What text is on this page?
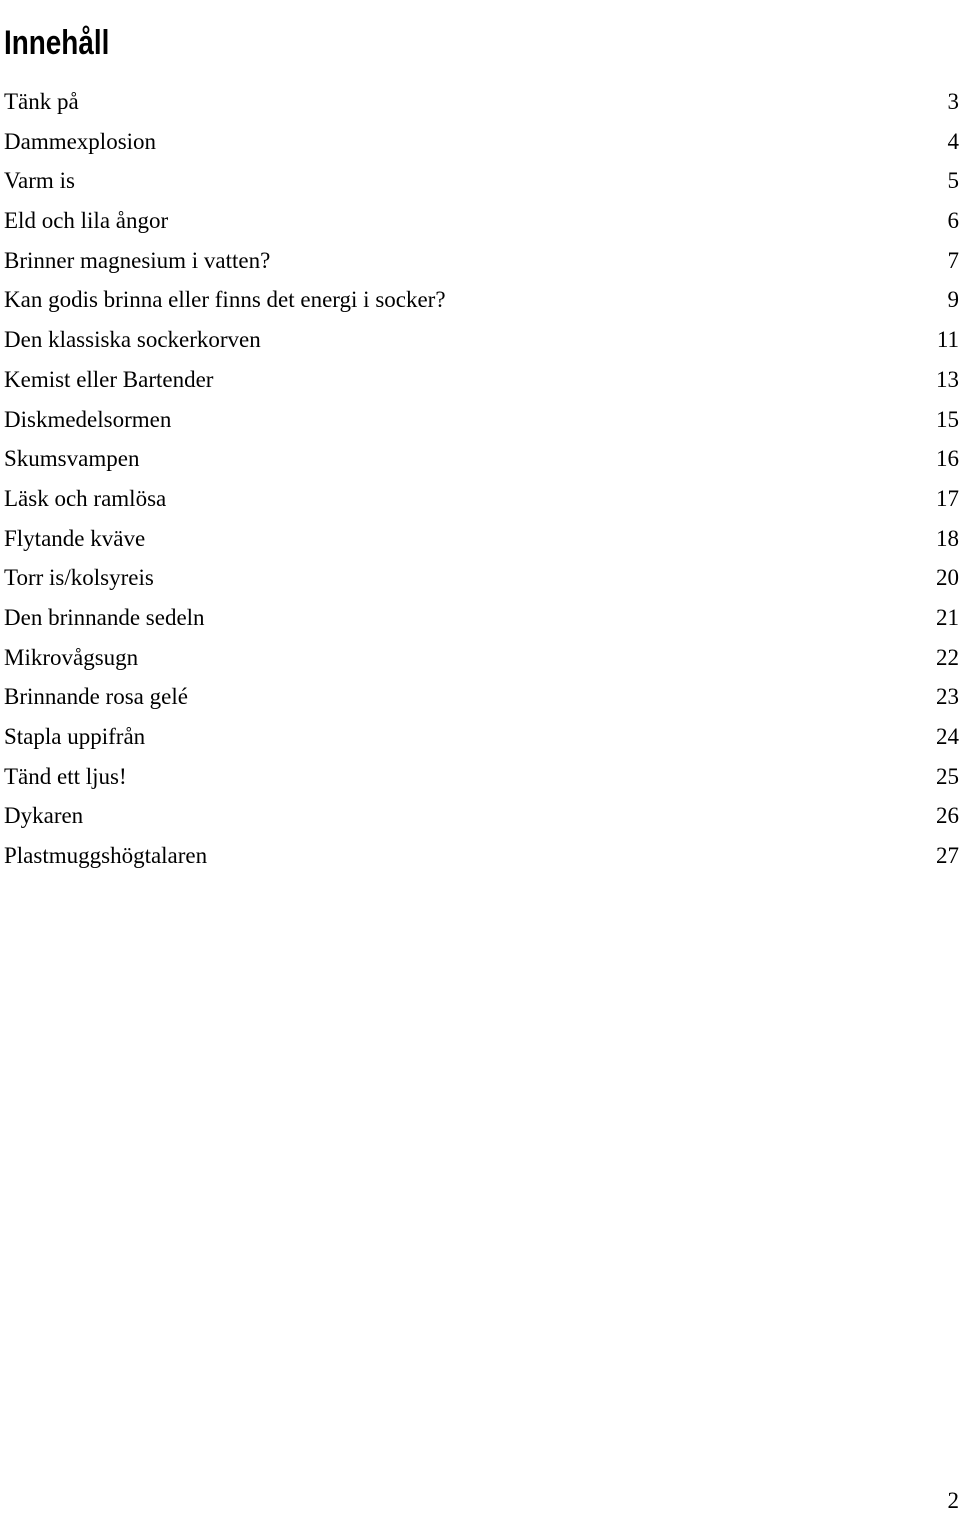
Innehåll
Tänk på	3
Dammexplosion	4
Varm is	5
Eld och lila ångor	6
Brinner magnesium i vatten?	7
Kan godis brinna eller finns det energi i socker?	9
Den klassiska sockerkorven	11
Kemist eller Bartender	13
Diskmedelsormen	15
Skumsvampen	16
Läsk och ramlösa	17
Flytande kväve	18
Torr is/kolsyreis	20
Den brinnande sedeln	21
Mikrovågsugn	22
Brinnande rosa gelé	23
Stapla uppifrån	24
Tänd ett ljus!	25
Dykaren	26
Plastmuggshögtalaren	27
2
